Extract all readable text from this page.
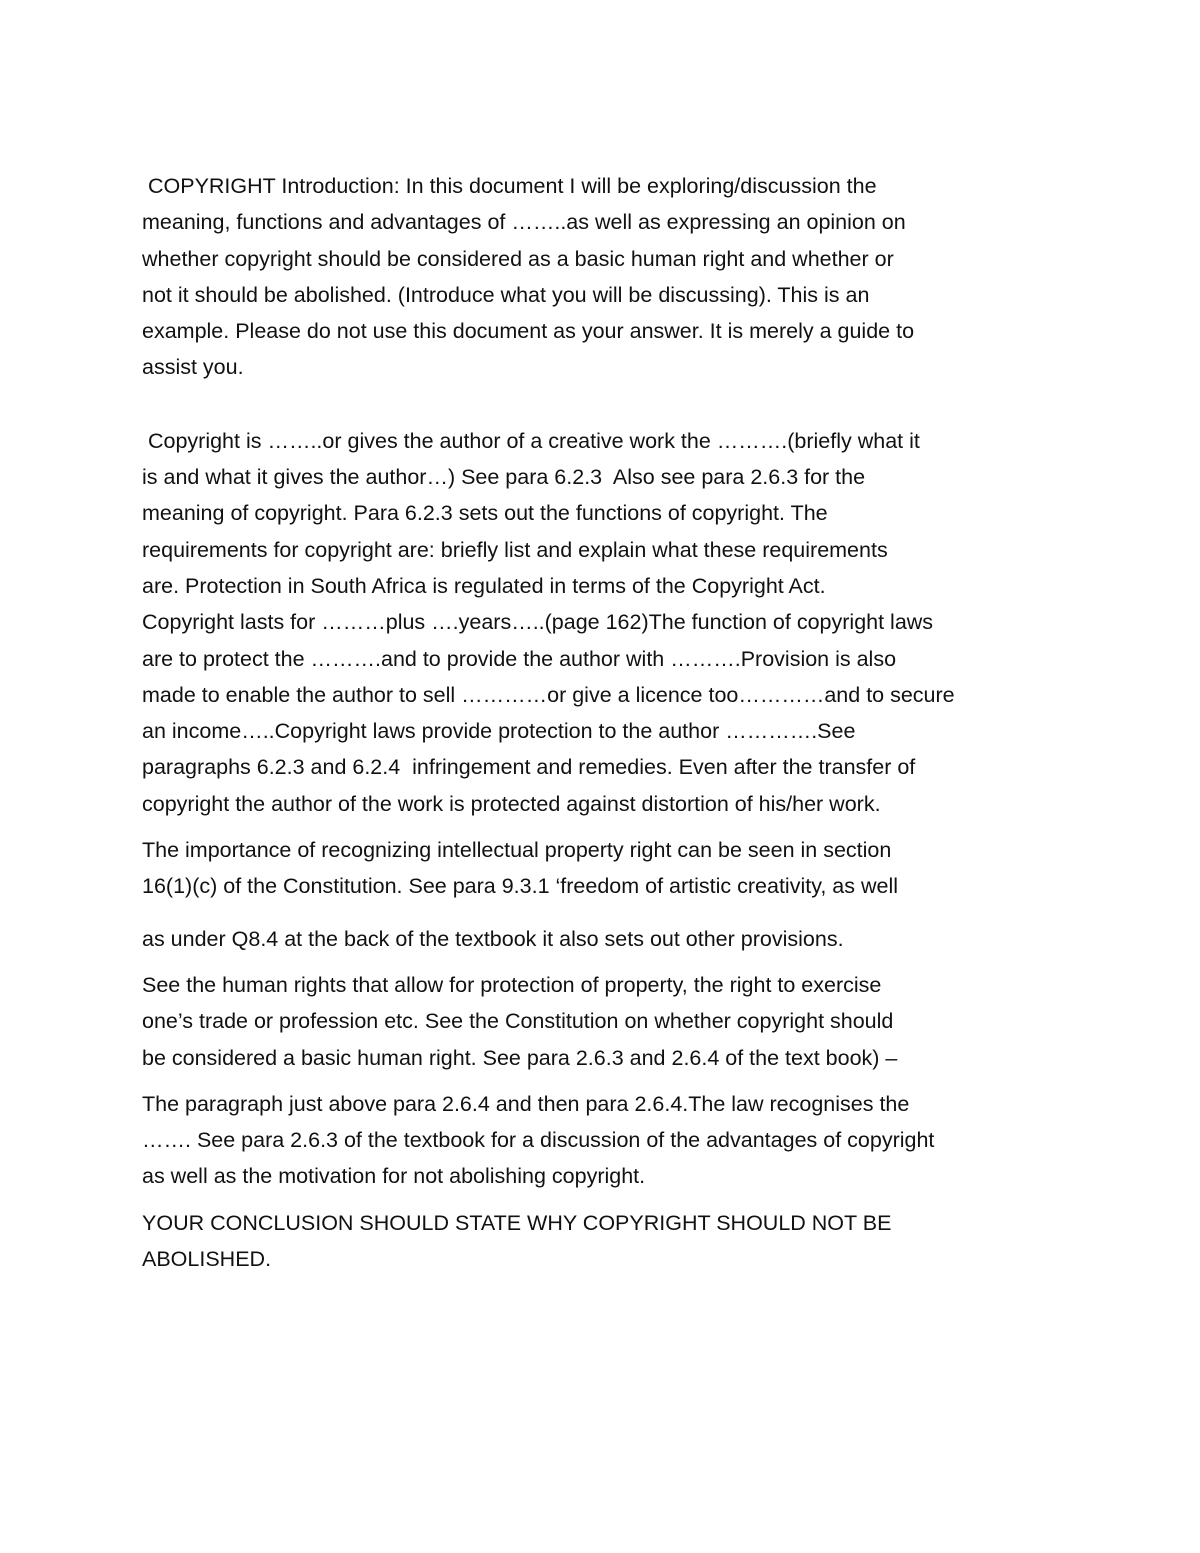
COPYRIGHT Introduction: In this document I will be exploring/discussion the
meaning, functions and advantages of ……..as well as expressing an opinion on
whether copyright should be considered as a basic human right and whether or
not it should be abolished. (Introduce what you will be discussing). This is an
example. Please do not use this document as your answer. It is merely a guide to
assist you.
Copyright is ……..or gives the author of a creative work the ……….(briefly what it
is and what it gives the author…) See para 6.2.3  Also see para 2.6.3 for the
meaning of copyright. Para 6.2.3 sets out the functions of copyright. The
requirements for copyright are: briefly list and explain what these requirements
are. Protection in South Africa is regulated in terms of the Copyright Act.
Copyright lasts for ………plus ….years…..(page 162)The function of copyright laws
are to protect the ……….and to provide the author with ……….Provision is also
made to enable the author to sell …………or give a licence too…………and to secure
an income…..Copyright laws provide protection to the author ………….See
paragraphs 6.2.3 and 6.2.4  infringement and remedies. Even after the transfer of
copyright the author of the work is protected against distortion of his/her work.
The importance of recognizing intellectual property right can be seen in section
16(1)(c) of the Constitution. See para 9.3.1 ‘freedom of artistic creativity, as well
as under Q8.4 at the back of the textbook it also sets out other provisions.
See the human rights that allow for protection of property, the right to exercise
one’s trade or profession etc. See the Constitution on whether copyright should
be considered a basic human right. See para 2.6.3 and 2.6.4 of the text book) –
The paragraph just above para 2.6.4 and then para 2.6.4.The law recognises the
……. See para 2.6.3 of the textbook for a discussion of the advantages of copyright
as well as the motivation for not abolishing copyright.
YOUR CONCLUSION SHOULD STATE WHY COPYRIGHT SHOULD NOT BE
ABOLISHED.
